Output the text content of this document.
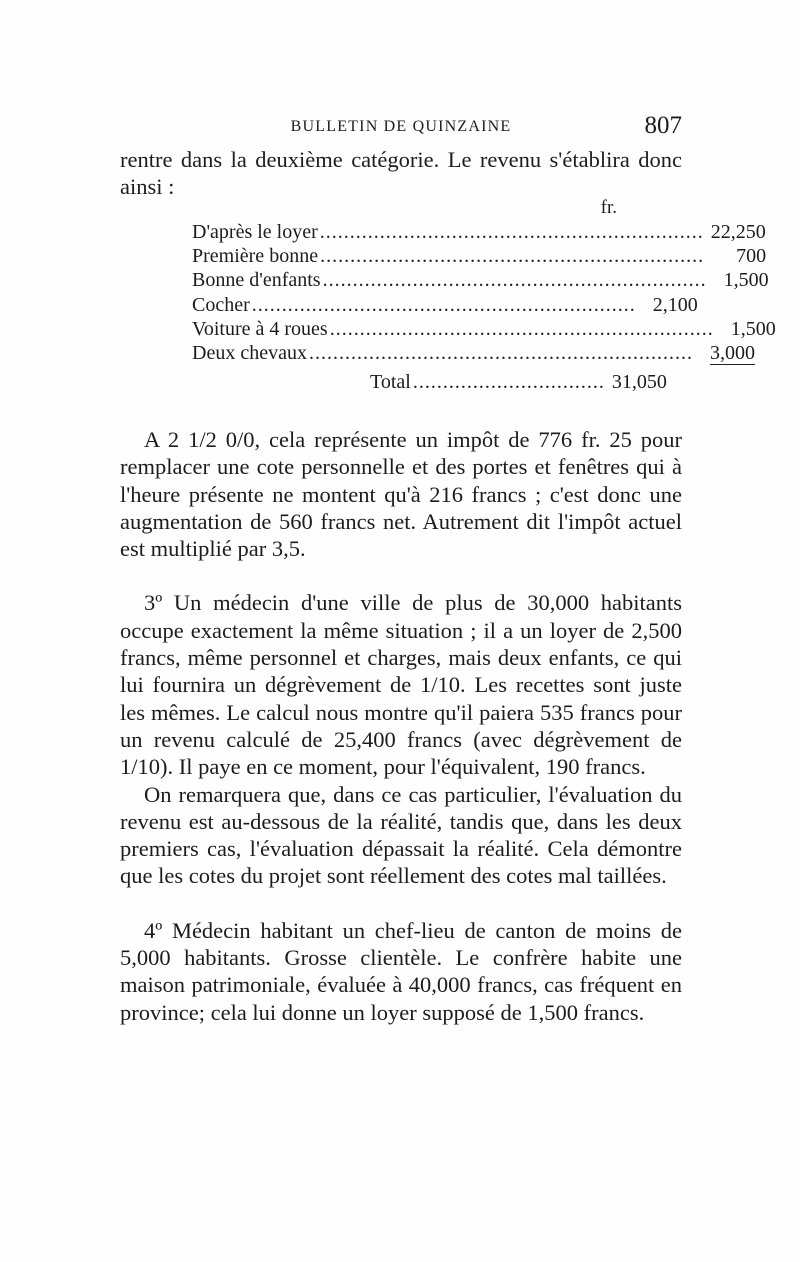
BULLETIN DE QUINZAINE	807

rentre dans la deuxième catégorie. Le revenu s'établira donc ainsi :

fr.
D'après le loyer ................................................................ 22,250
Première bonne ................................................................	700
Bonne d'enfants ................................................................ 1,500
Cocher ................................................................ 2,100
Voiture à 4 roues ................................................................ 1,500
Deux chevaux ................................................................ 3,000
Total ................................ 31,050

A 2 1/2 0/0, cela représente un impôt de 776 fr. 25 pour remplacer une cote personnelle et des portes et fenêtres qui à l'heure présente ne montent qu'à 216 francs ; c'est donc une augmentation de 560 francs net. Autrement dit l'impôt actuel est multiplié par 3,5.

3º Un médecin d'une ville de plus de 30,000 habitants occupe exactement la même situation ; il a un loyer de 2,500 francs, même personnel et charges, mais deux enfants, ce qui lui fournira un dégrèvement de 1/10. Les recettes sont juste les mêmes. Le calcul nous montre qu'il paiera 535 francs pour un revenu calculé de 25,400 francs (avec dégrèvement de 1/10). Il paye en ce moment, pour l'équivalent, 190 francs.

On remarquera que, dans ce cas particulier, l'évaluation du revenu est au-dessous de la réalité, tandis que, dans les deux premiers cas, l'évaluation dépassait la réalité. Cela démontre que les cotes du projet sont réellement des cotes mal taillées.

4º Médecin habitant un chef-lieu de canton de moins de 5,000 habitants. Grosse clientèle. Le confrère habite une maison patrimoniale, évaluée à 40,000 francs, cas fréquent en province; cela lui donne un loyer supposé de 1,500 francs.
